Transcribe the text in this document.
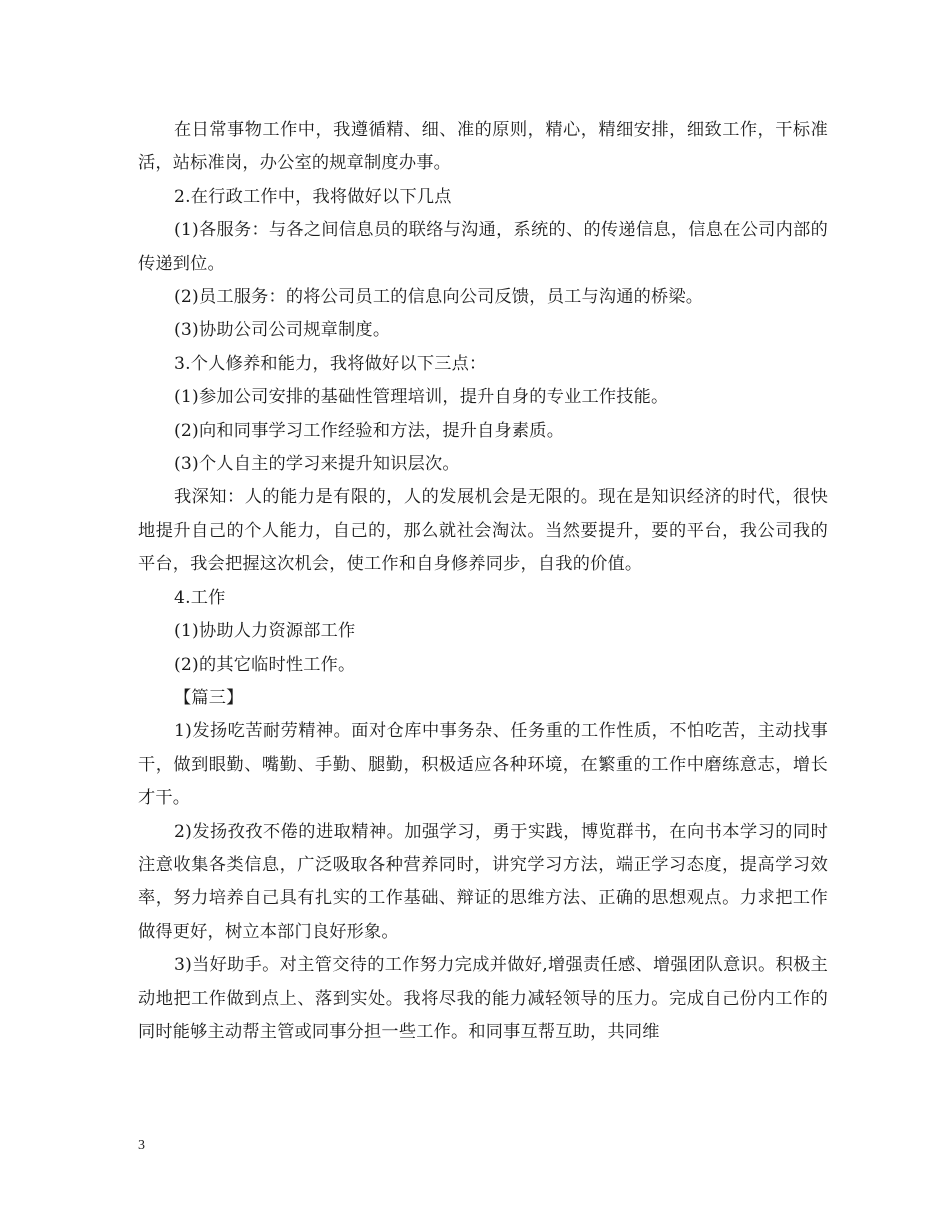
在日常事物工作中，我遵循精、细、准的原则，精心，精细安排，细致工作，干标准活，站标准岗，办公室的规章制度办事。

2.在行政工作中，我将做好以下几点

(1)各服务：与各之间信息员的联络与沟通，系统的、的传递信息，信息在公司内部的传递到位。

(2)员工服务：的将公司员工的信息向公司反馈，员工与沟通的桥梁。

(3)协助公司公司规章制度。

3.个人修养和能力，我将做好以下三点：

(1)参加公司安排的基础性管理培训，提升自身的专业工作技能。

(2)向和同事学习工作经验和方法，提升自身素质。

(3)个人自主的学习来提升知识层次。

我深知：人的能力是有限的，人的发展机会是无限的。现在是知识经济的时代，很快地提升自己的个人能力，自己的，那么就社会淘汰。当然要提升，要的平台，我公司我的平台，我会把握这次机会，使工作和自身修养同步，自我的价值。

4.工作

(1)协助人力资源部工作

(2)的其它临时性工作。

【篇三】

1)发扬吃苦耐劳精神。面对仓库中事务杂、任务重的工作性质，不怕吃苦，主动找事干，做到眼勤、嘴勤、手勤、腿勤，积极适应各种环境，在繁重的工作中磨练意志，增长才干。

2)发扬孜孜不倦的进取精神。加强学习，勇于实践，博览群书，在向书本学习的同时注意收集各类信息，广泛吸取各种营养同时，讲究学习方法，端正学习态度，提高学习效率，努力培养自己具有扎实的工作基础、辩证的思维方法、正确的思想观点。力求把工作做得更好，树立本部门良好形象。

3)当好助手。对主管交待的工作努力完成并做好,增强责任感、增强团队意识。积极主动地把工作做到点上、落到实处。我将尽我的能力减轻领导的压力。完成自己份内工作的同时能够主动帮主管或同事分担一些工作。和同事互帮互助，共同维

3
